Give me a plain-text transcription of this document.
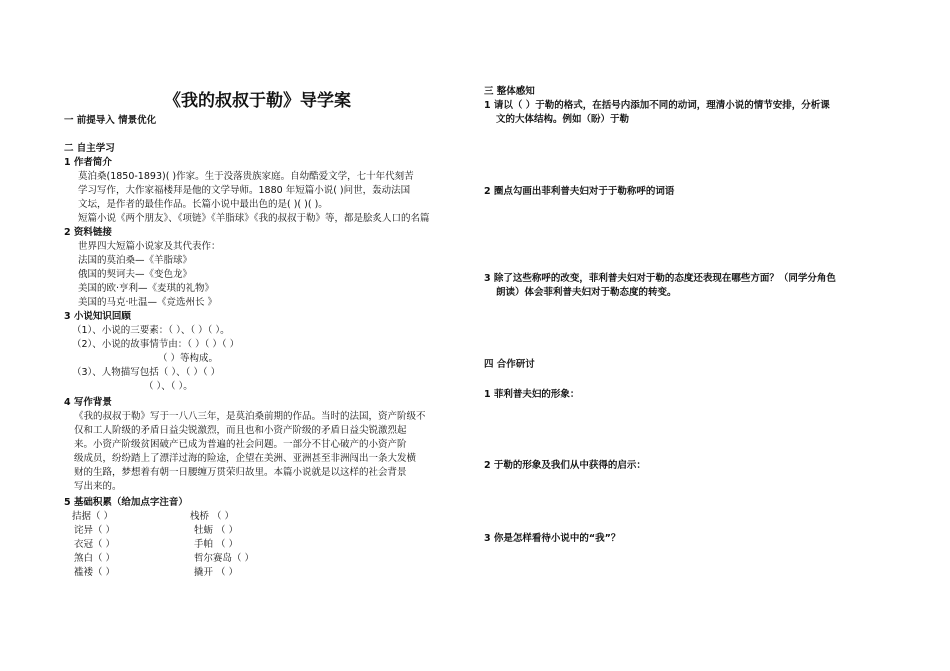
《我的叔叔于勒》导学案
一 前提导入 情景优化
二 自主学习
1 作者简介
莫泊桑(1850-1893)( )作家。生于没落贵族家庭。自幼酷爱文学，七十年代刻苦
学习写作，大作家福楼拜是他的文学导师。1880 年短篇小说( )问世，轰动法国
文坛，是作者的最佳作品。长篇小说中最出色的是( )( )( )。
短篇小说《两个朋友》、《项链》《羊脂球》《我的叔叔于勒》等，都是脍炙人口的名篇
2 资料链接
世界四大短篇小说家及其代表作：
法国的莫泊桑—《羊脂球》
俄国的契诃夫—《变色龙》
美国的欧·亨利—《麦琪的礼物》
美国的马克·吐温—《竞选州长 》
3 小说知识回顾
（1）、小说的三要素：（ ）、（ ）（ ）。
（2）、小说的故事情节由：（ ）（ ）（ ）
（ ）等构成。
（3）、人物描写包括（ ）、（ ）（ ）
（ ）、（ ）。
4 写作背景
《我的叔叔于勒》写于一八八三年，是莫泊桑前期的作品。当时的法国，资产阶级不
仅和工人阶级的矛盾日益尖锐激烈，而且也和小资产阶级的矛盾日益尖锐激烈起
来。小资产阶级贫困破产已成为普遍的社会问题。一部分不甘心破产的小资产阶
级成员，纷纷踏上了漂洋过海的险途，企望在美洲、亚洲甚至非洲闯出一条大发横
财的生路，梦想着有朝一日腰缠万贯荣归故里。本篇小说就是以这样的社会背景
写出来的。
5 基础积累（给加点字注音）
拮据（ ）
诧异（ ）
衣冠（ ）
煞白（ ）
褴褛（ ）
栈桥 （ ）
牡蛎 （ ）
手帕 （ ）
哲尔赛岛（ ）
撬开 （ ）
三 整体感知
1 请以（ ）于勒的格式，在括号内添加不同的动词，理清小说的情节安排，分析课
文的大体结构。例如（盼）于勒
2 圈点勾画出菲利普夫妇对于于勒称呼的词语
3 除了这些称呼的改变，菲利普夫妇对于勒的态度还表现在哪些方面？（同学分角色
朗读）体会菲利普夫妇对于勒态度的转变。
四 合作研讨
1 菲利普夫妇的形象：
2 于勒的形象及我们从中获得的启示：
3 你是怎样看待小说中的“我”？
